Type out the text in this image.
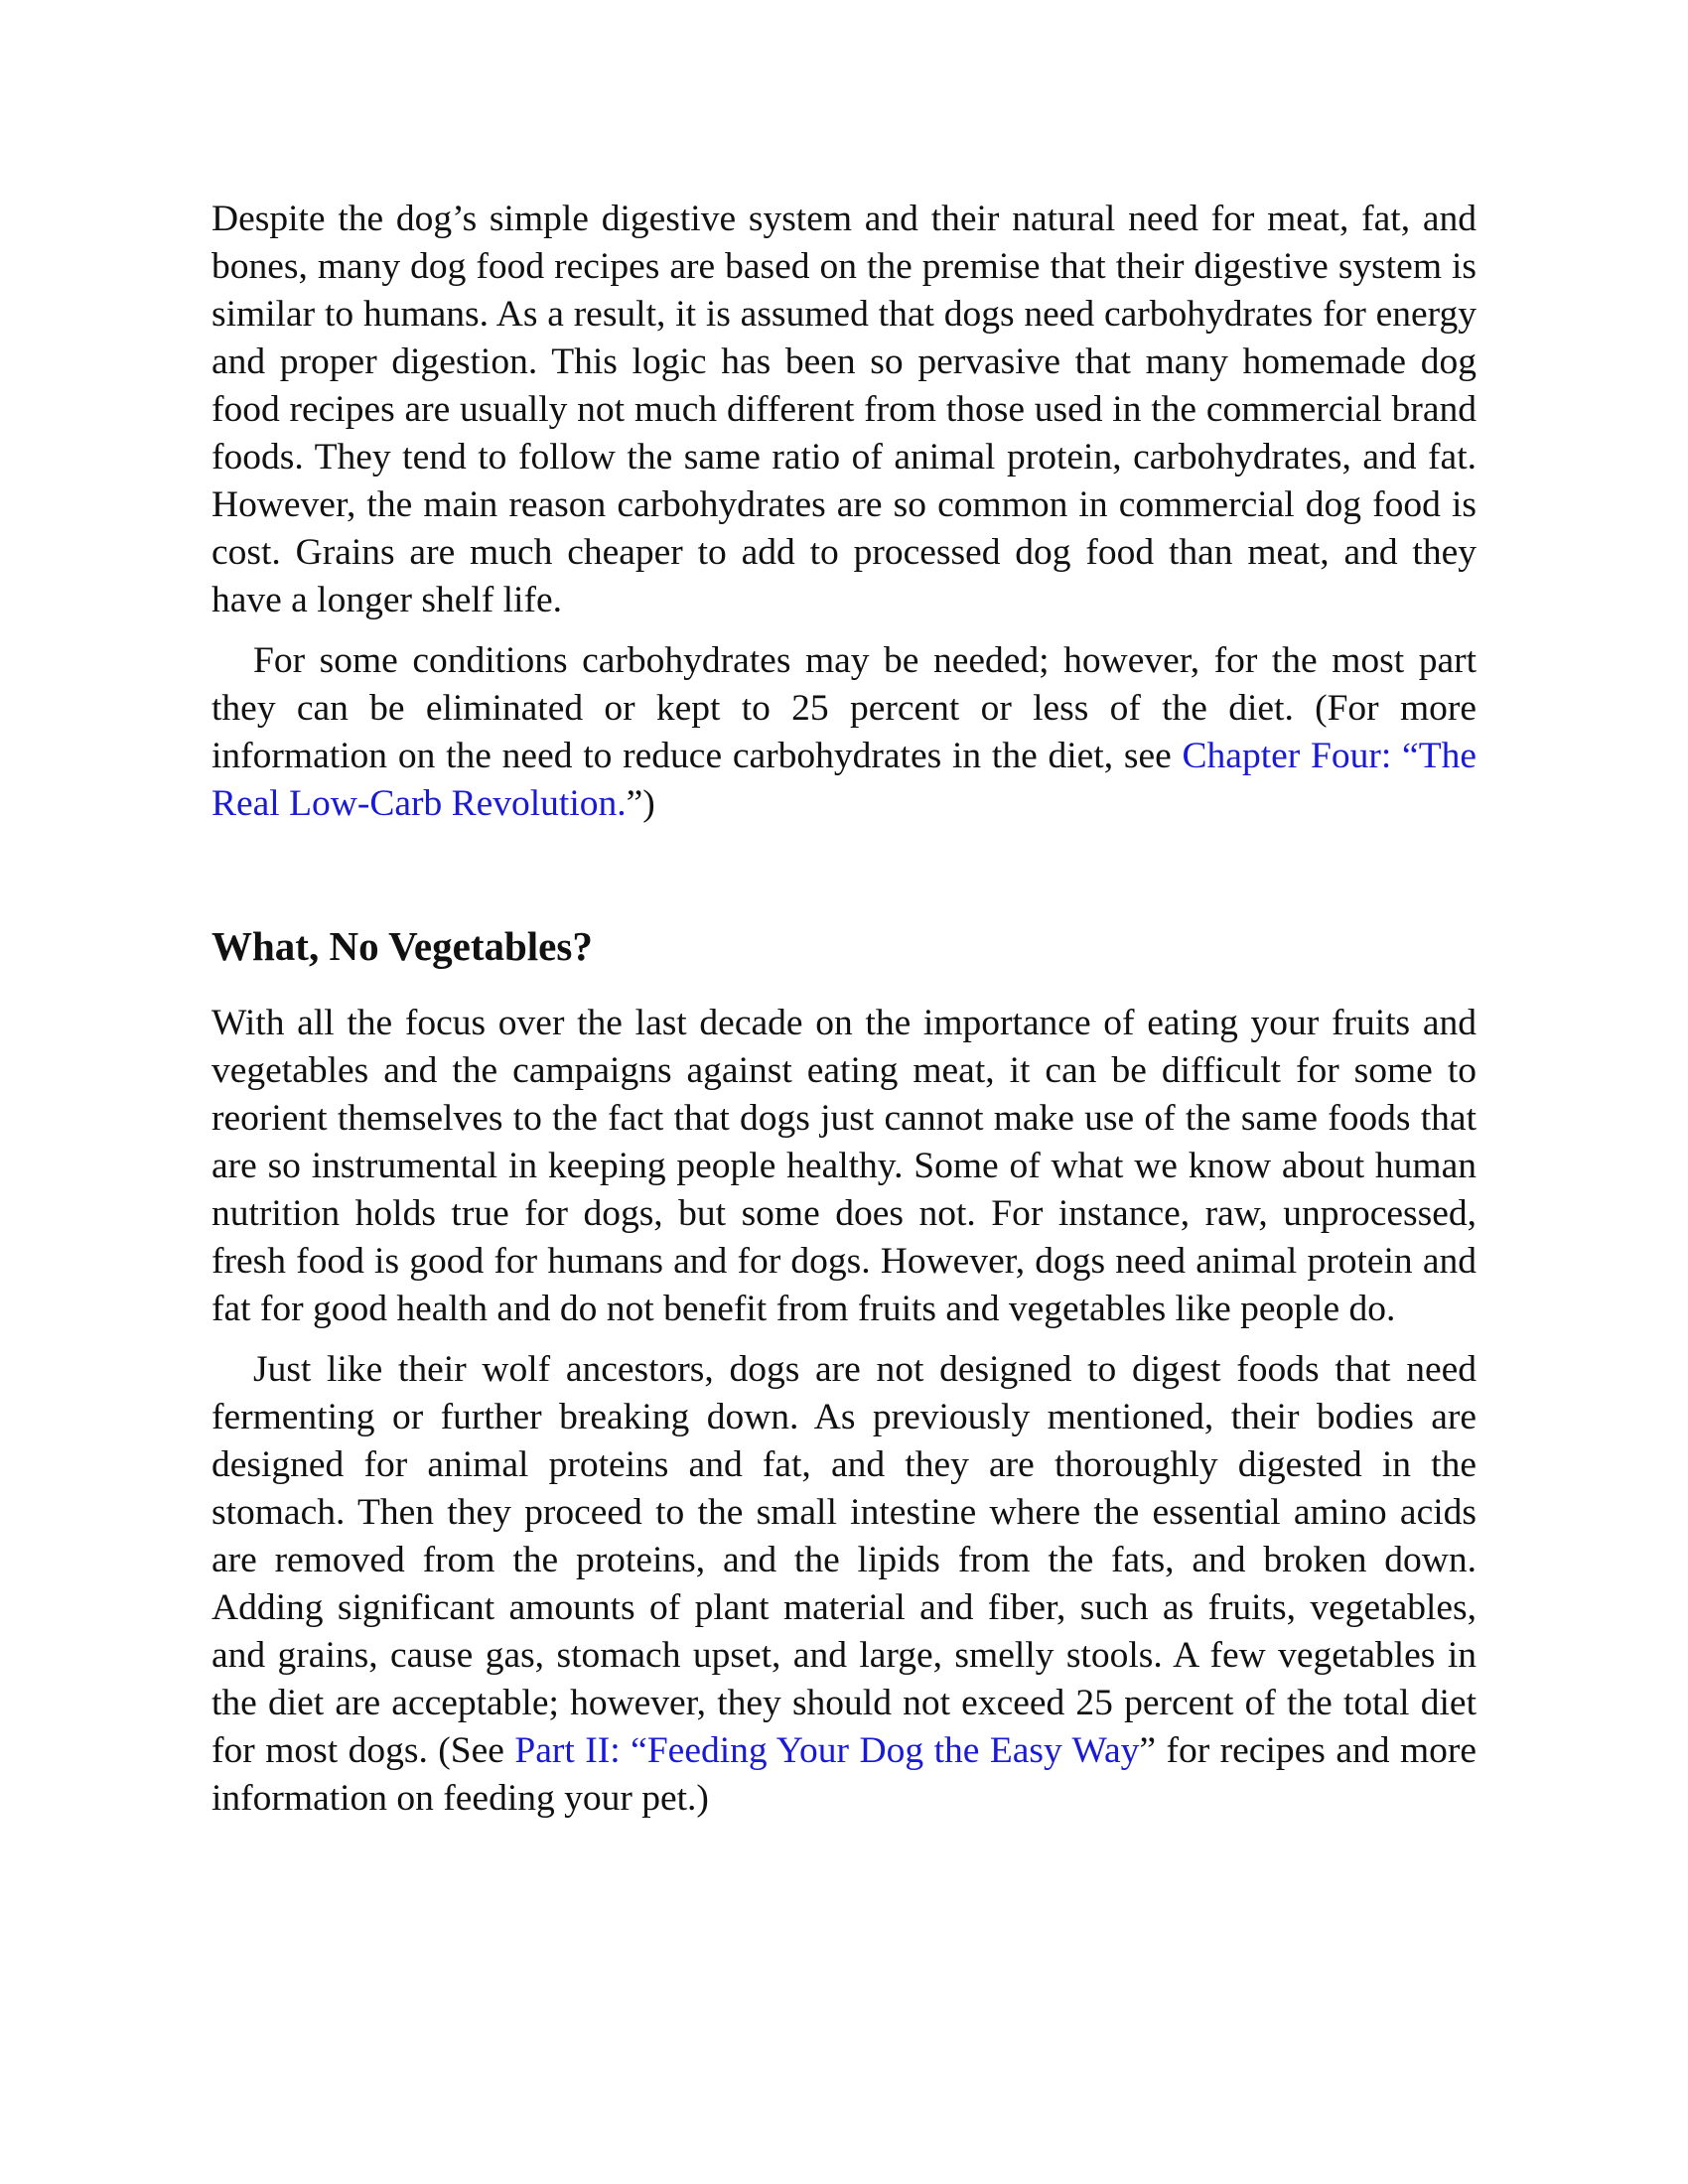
Despite the dog’s simple digestive system and their natural need for meat, fat, and bones, many dog food recipes are based on the premise that their digestive system is similar to humans. As a result, it is assumed that dogs need carbohydrates for energy and proper digestion. This logic has been so pervasive that many homemade dog food recipes are usually not much different from those used in the commercial brand foods. They tend to follow the same ratio of animal protein, carbohydrates, and fat. However, the main reason carbohydrates are so common in commercial dog food is cost. Grains are much cheaper to add to processed dog food than meat, and they have a longer shelf life.

For some conditions carbohydrates may be needed; however, for the most part they can be eliminated or kept to 25 percent or less of the diet. (For more information on the need to reduce carbohydrates in the diet, see Chapter Four: “The Real Low-Carb Revolution.”)

What, No Vegetables?

With all the focus over the last decade on the importance of eating your fruits and vegetables and the campaigns against eating meat, it can be difficult for some to reorient themselves to the fact that dogs just cannot make use of the same foods that are so instrumental in keeping people healthy. Some of what we know about human nutrition holds true for dogs, but some does not. For instance, raw, unprocessed, fresh food is good for humans and for dogs. However, dogs need animal protein and fat for good health and do not benefit from fruits and vegetables like people do.

Just like their wolf ancestors, dogs are not designed to digest foods that need fermenting or further breaking down. As previously mentioned, their bodies are designed for animal proteins and fat, and they are thoroughly digested in the stomach. Then they proceed to the small intestine where the essential amino acids are removed from the proteins, and the lipids from the fats, and broken down. Adding significant amounts of plant material and fiber, such as fruits, vegetables, and grains, cause gas, stomach upset, and large, smelly stools. A few vegetables in the diet are acceptable; however, they should not exceed 25 percent of the total diet for most dogs. (See Part II: “Feeding Your Dog the Easy Way” for recipes and more information on feeding your pet.)
